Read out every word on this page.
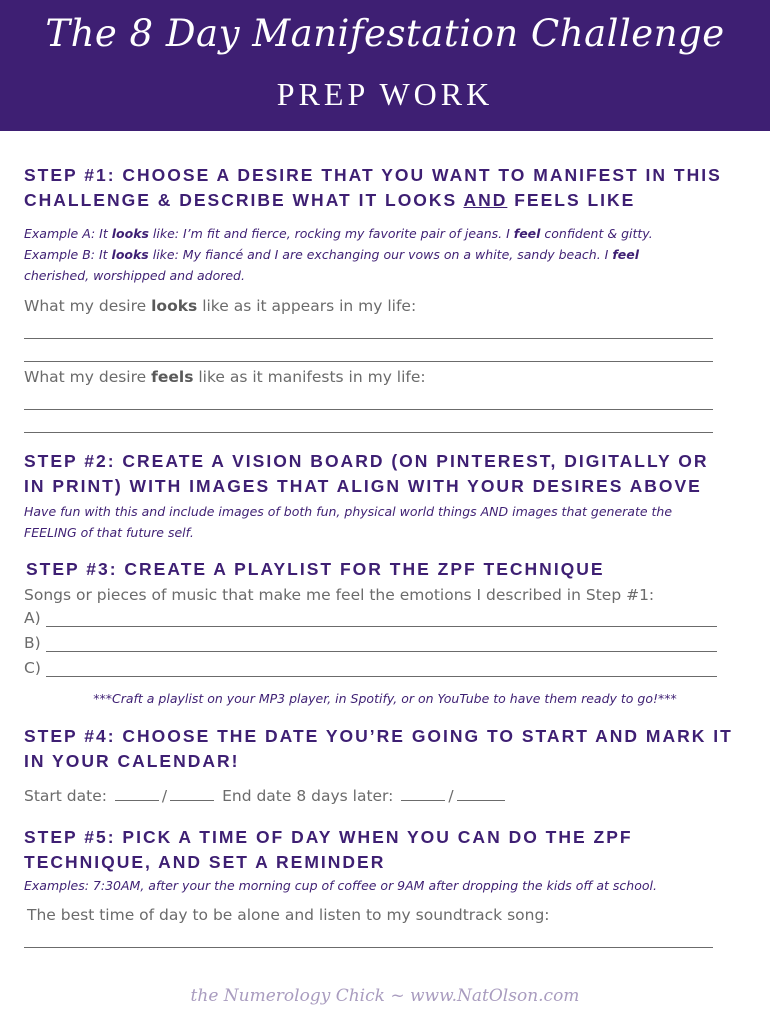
The 8 Day Manifestation Challenge
PREP WORK
STEP #1: CHOOSE A DESIRE THAT YOU WANT TO MANIFEST IN THIS
CHALLENGE & DESCRIBE WHAT IT LOOKS AND FEELS LIKE
Example A: It looks like: I’m fit and fierce, rocking my favorite pair of jeans. I feel confident & gitty.
Example B: It looks like: My fiancé and I are exchanging our vows on a white, sandy beach. I feel
cherished, worshipped and adored.
What my desire looks like as it appears in my life:
What my desire feels like as it manifests in my life:
STEP #2: CREATE A VISION BOARD (ON PINTEREST, DIGITALLY OR
IN PRINT) WITH IMAGES THAT ALIGN WITH YOUR DESIRES ABOVE
Have fun with this and include images of both fun, physical world things AND images that generate the
FEELING of that future self.
STEP #3: CREATE A PLAYLIST FOR THE ZPF TECHNIQUE
Songs or pieces of music that make me feel the emotions I described in Step #1:
A)
B)
C)
***Craft a playlist on your MP3 player, in Spotify, or on YouTube to have them ready to go!***
STEP #4: CHOOSE THE DATE YOU’RE GOING TO START AND MARK IT
IN YOUR CALENDAR!
Start date:	/	End date 8 days later:	/
STEP #5: PICK A TIME OF DAY WHEN YOU CAN DO THE ZPF
TECHNIQUE, AND SET A REMINDER
Examples: 7:30AM, after your the morning cup of coffee or 9AM after dropping the kids off at school.
The best time of day to be alone and listen to my soundtrack song:
the Numerology Chick ~ www.NatOlson.com
